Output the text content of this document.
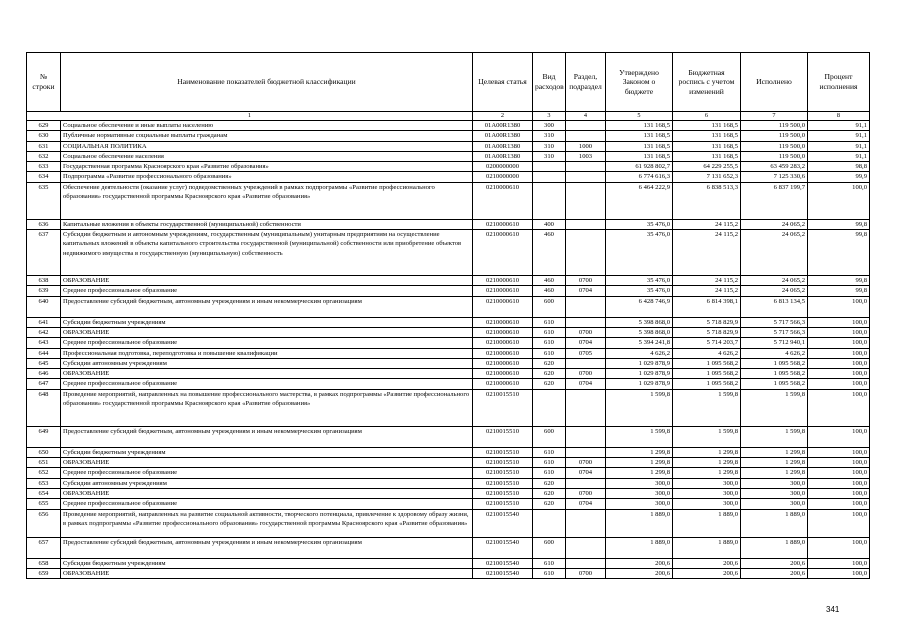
№ строки	Наименование показателей бюджетной классификации	Целевая статья	Вид расходов	Раздел, подраздел	Утверждено Законом о бюджете	Бюджетная роспись с учетом изменений	Исполнено	Процент исполнения
1		2	3	4	5	6	7	8
629	Социальное обеспечение и иные выплаты населению	01А00R1380	300		131 168,5	131 168,5	119 500,0	91,1
630	Публичные нормативные социальные выплаты гражданам	01А00R1380	310		131 168,5	131 168,5	119 500,0	91,1
631	СОЦИАЛЬНАЯ ПОЛИТИКА	01А00R1380	310	1000	131 168,5	131 168,5	119 500,0	91,1
632	Социальное обеспечение населения	01А00R1380	310	1003	131 168,5	131 168,5	119 500,0	91,1
633	Государственная программа Красноярского края «Развитие образования»	0200000000			61 928 802,7	64 229 255,5	63 459 283,2	98,8
634	Подпрограмма «Развитие профессионального образования»	0210000000			6 774 616,3	7 131 652,3	7 125 330,6	99,9
635	Обеспечение деятельности (оказание услуг) подведомственных учреждений в рамках подпрограммы «Развитие профессионального образования» государственной программы Красноярского края «Развитие образования»	0210000610			6 464 222,9	6 838 513,3	6 837 199,7	100,0
636	Капитальные вложения в объекты государственной (муниципальной) собственности	0210000610	400		35 476,0	24 115,2	24 065,2	99,8
637	Субсидии бюджетным и автономным учреждениям, государственным (муниципальным) унитарным предприятиям на осуществление капитальных вложений в объекты капитального строительства государственной (муниципальной) собственности или приобретение объектов недвижимого имущества в государственную (муниципальную) собственность	0210000610	460		35 476,0	24 115,2	24 065,2	99,8
638	ОБРАЗОВАНИЕ	0210000610	460	0700	35 476,0	24 115,2	24 065,2	99,8
639	Среднее профессиональное образование	0210000610	460	0704	35 476,0	24 115,2	24 065,2	99,8
640	Предоставление субсидий бюджетным, автономным учреждениям и иным некоммерческим организациям	0210000610	600		6 428 746,9	6 814 398,1	6 813 134,5	100,0
641	Субсидии бюджетным учреждениям	0210000610	610		5 398 868,0	5 718 829,9	5 717 566,3	100,0
642	ОБРАЗОВАНИЕ	0210000610	610	0700	5 398 868,0	5 718 829,9	5 717 566,3	100,0
643	Среднее профессиональное образование	0210000610	610	0704	5 394 241,8	5 714 203,7	5 712 940,1	100,0
644	Профессиональная подготовка, переподготовка и повышение квалификации	0210000610	610	0705	4 626,2	4 626,2	4 626,2	100,0
645	Субсидии автономным учреждениям	0210000610	620		1 029 878,9	1 095 568,2	1 095 568,2	100,0
646	ОБРАЗОВАНИЕ	0210000610	620	0700	1 029 878,9	1 095 568,2	1 095 568,2	100,0
647	Среднее профессиональное образование	0210000610	620	0704	1 029 878,9	1 095 568,2	1 095 568,2	100,0
648	Проведение мероприятий, направленных на повышение профессионального мастерства, в рамках подпрограммы «Развитие профессионального образования» государственной программы Красноярского края «Развитие образования»	0210015510			1 599,8	1 599,8	1 599,8	100,0
649	Предоставление субсидий бюджетным, автономным учреждениям и иным некоммерческим организациям	0210015510	600		1 599,8	1 599,8	1 599,8	100,0
650	Субсидии бюджетным учреждениям	0210015510	610		1 299,8	1 299,8	1 299,8	100,0
651	ОБРАЗОВАНИЕ	0210015510	610	0700	1 299,8	1 299,8	1 299,8	100,0
652	Среднее профессиональное образование	0210015510	610	0704	1 299,8	1 299,8	1 299,8	100,0
653	Субсидии автономным учреждениям	0210015510	620		300,0	300,0	300,0	100,0
654	ОБРАЗОВАНИЕ	0210015510	620	0700	300,0	300,0	300,0	100,0
655	Среднее профессиональное образование	0210015510	620	0704	300,0	300,0	300,0	100,0
656	Проведение мероприятий, направленных на развитие социальной активности, творческого потенциала, привлечение к здоровому образу жизни, в рамках подпрограммы «Развитие профессионального образования» государственной программы Красноярского края «Развитие образования»	0210015540			1 889,0	1 889,0	1 889,0	100,0
657	Предоставление субсидий бюджетным, автономным учреждениям и иным некоммерческим организациям	0210015540	600		1 889,0	1 889,0	1 889,0	100,0
658	Субсидии бюджетным учреждениям	0210015540	610		200,6	200,6	200,6	100,0
659	ОБРАЗОВАНИЕ	0210015540	610	0700	200,6	200,6	200,6	100,0
341
